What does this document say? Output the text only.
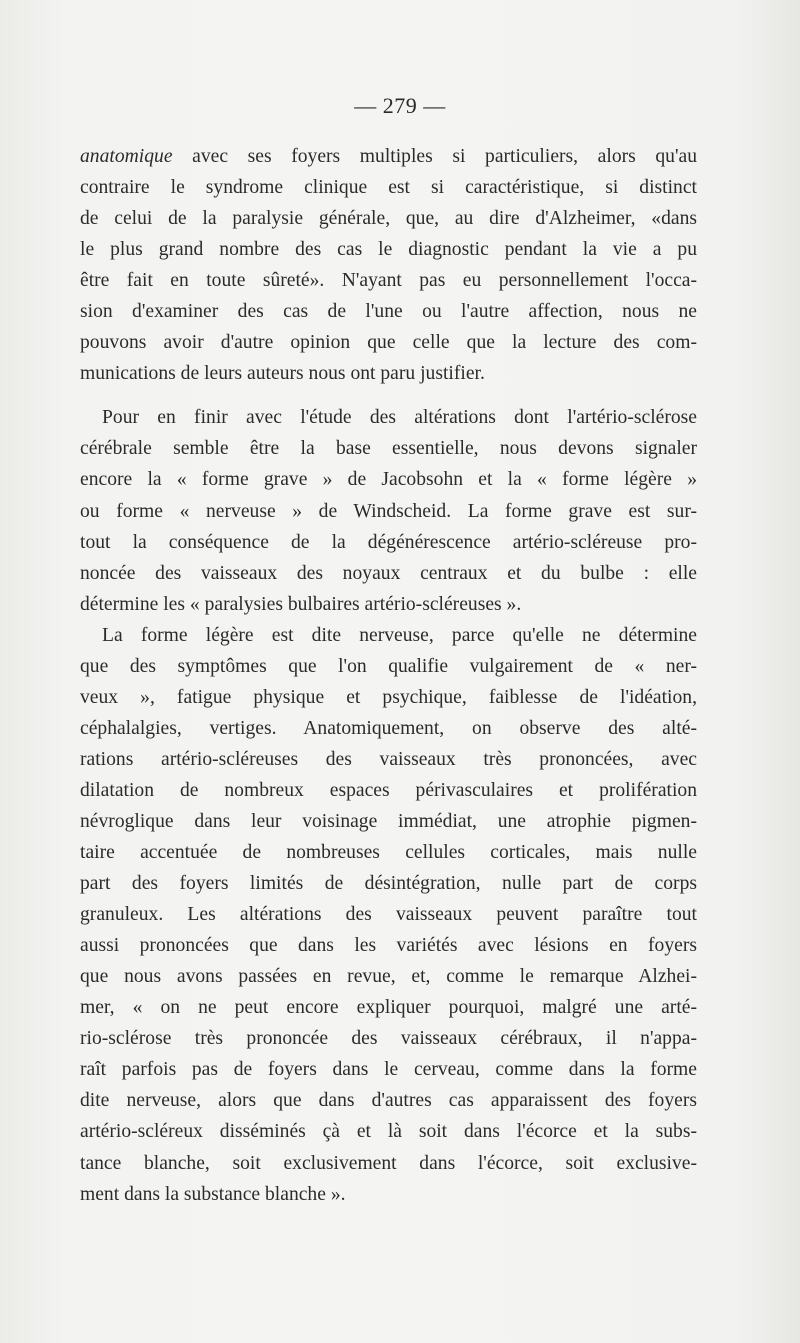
— 279 —
anatomique avec ses foyers multiples si particuliers, alors qu'au
contraire le syndrome clinique est si caractéristique, si distinct
de celui de la paralysie générale, que, au dire d'Alzheimer, «dans
le plus grand nombre des cas le diagnostic pendant la vie a pu
être fait en toute sûreté». N'ayant pas eu personnellement l'occa-
sion d'examiner des cas de l'une ou l'autre affection, nous ne
pouvons avoir d'autre opinion que celle que la lecture des com-
munications de leurs auteurs nous ont paru justifier.
Pour en finir avec l'étude des altérations dont l'artério-sclérose
cérébrale semble être la base essentielle, nous devons signaler
encore la « forme grave » de Jacobsohn et la « forme légère »
ou forme « nerveuse » de Windscheid. La forme grave est sur-
tout la conséquence de la dégénérescence artério-scléreuse pro-
noncée des vaisseaux des noyaux centraux et du bulbe : elle
détermine les « paralysies bulbaires artério-scléreuses ».
La forme légère est dite nerveuse, parce qu'elle ne détermine
que des symptômes que l'on qualifie vulgairement de « ner-
veux », fatigue physique et psychique, faiblesse de l'idéation,
céphalalgies, vertiges. Anatomiquement, on observe des alté-
rations artério-scléreuses des vaisseaux très prononcées, avec
dilatation de nombreux espaces périvasculaires et prolifération
névroglique dans leur voisinage immédiat, une atrophie pigmen-
taire accentuée de nombreuses cellules corticales, mais nulle
part des foyers limités de désintégration, nulle part de corps
granuleux. Les altérations des vaisseaux peuvent paraître tout
aussi prononcées que dans les variétés avec lésions en foyers
que nous avons passées en revue, et, comme le remarque Alzhei-
mer, « on ne peut encore expliquer pourquoi, malgré une arté-
rio-sclérose très prononcée des vaisseaux cérébraux, il n'appa-
raît parfois pas de foyers dans le cerveau, comme dans la forme
dite nerveuse, alors que dans d'autres cas apparaissent des foyers
artério-scléreux disséminés çà et là soit dans l'écorce et la subs-
tance blanche, soit exclusivement dans l'écorce, soit exclusive-
ment dans la substance blanche ».
